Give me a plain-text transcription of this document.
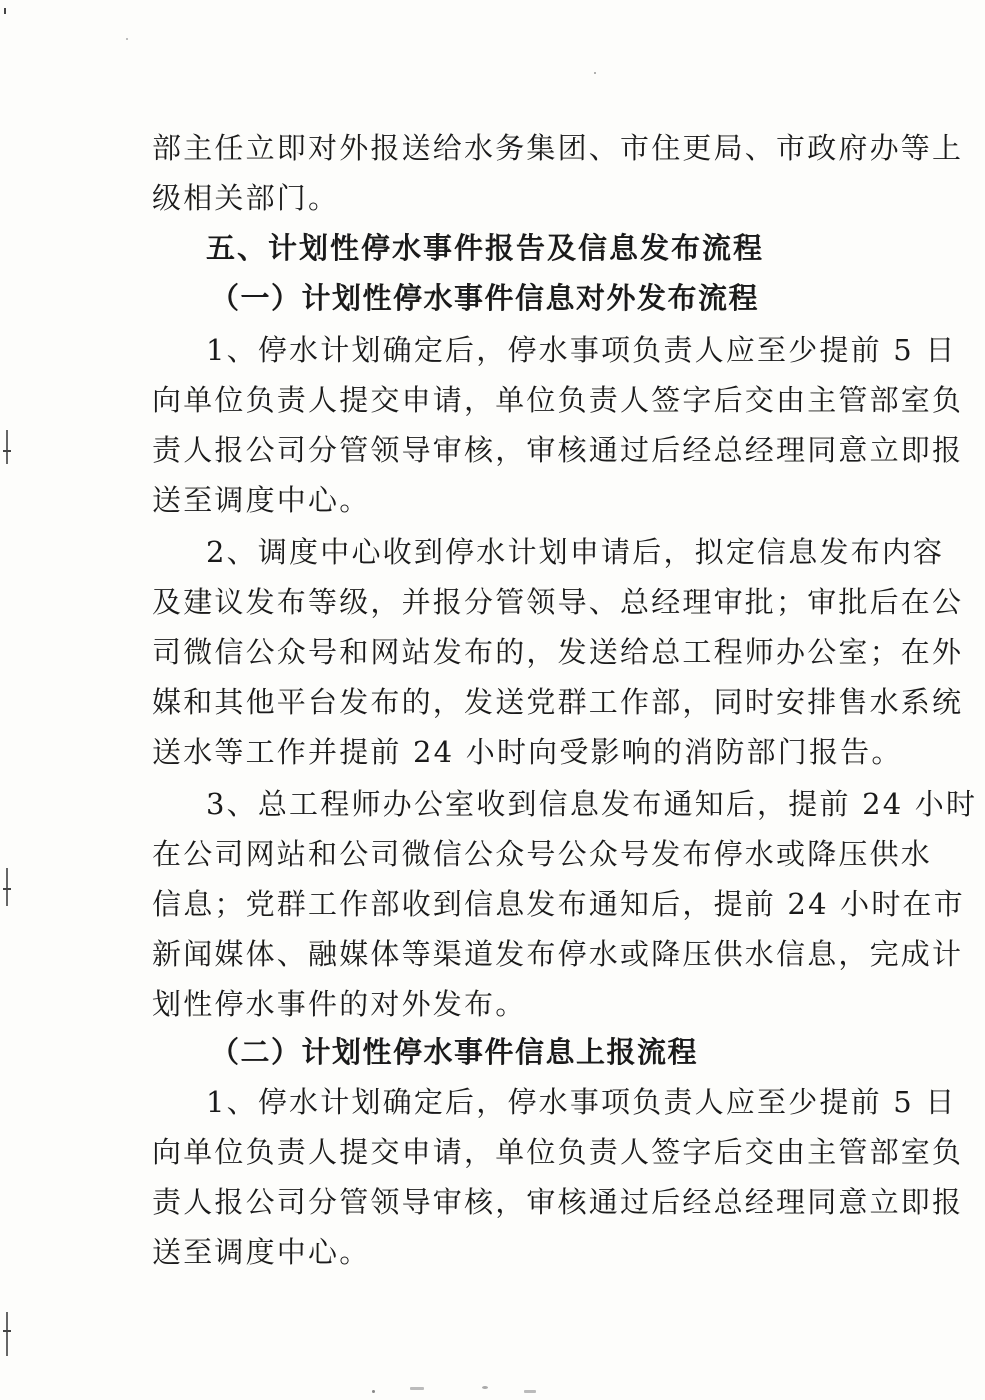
部主任立即对外报送给水务集团、市住更局、市政府办等上
级相关部门。
五、计划性停水事件报告及信息发布流程
（一）计划性停水事件信息对外发布流程
1、停水计划确定后，停水事项负责人应至少提前 5 日
向单位负责人提交申请，单位负责人签字后交由主管部室负
责人报公司分管领导审核，审核通过后经总经理同意立即报
送至调度中心。
2、调度中心收到停水计划申请后，拟定信息发布内容
及建议发布等级，并报分管领导、总经理审批；审批后在公
司微信公众号和网站发布的，发送给总工程师办公室；在外
媒和其他平台发布的，发送党群工作部，同时安排售水系统
送水等工作并提前 24 小时向受影响的消防部门报告。
3、总工程师办公室收到信息发布通知后，提前 24 小时
在公司网站和公司微信公众号公众号发布停水或降压供水
信息；党群工作部收到信息发布通知后，提前 24 小时在市
新闻媒体、融媒体等渠道发布停水或降压供水信息，完成计
划性停水事件的对外发布。
（二）计划性停水事件信息上报流程
1、停水计划确定后，停水事项负责人应至少提前 5 日
向单位负责人提交申请，单位负责人签字后交由主管部室负
责人报公司分管领导审核，审核通过后经总经理同意立即报
送至调度中心。
